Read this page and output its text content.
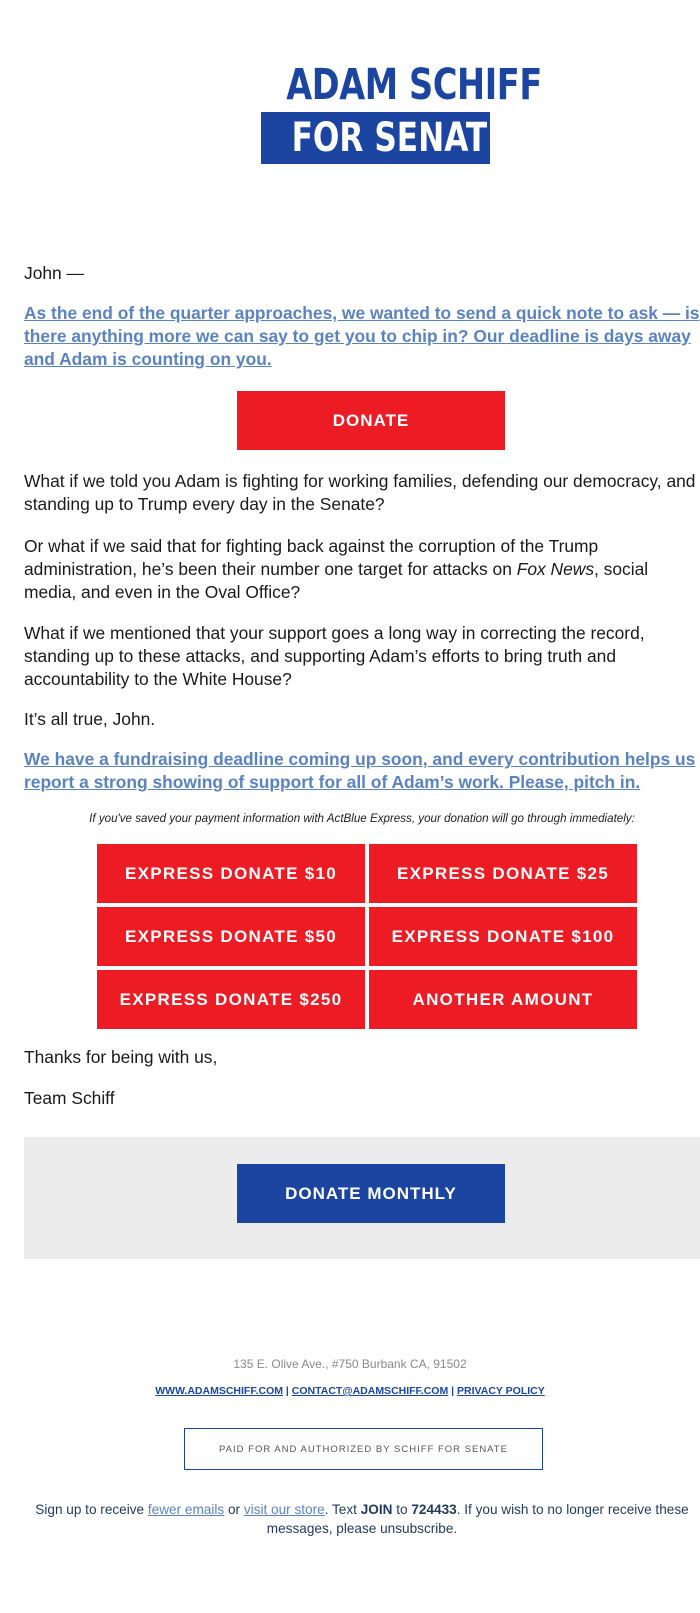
ADAM SCHIFF
FOR SENATE

John —

As the end of the quarter approaches, we wanted to send a quick note to ask — is

there anything more we can say to get you to chip in? Our deadline is days away

and Adam is counting on you.

DONATE

What if we told you Adam is fighting for working families, defending our democracy, and

standing up to Trump every day in the Senate?

Or what if we said that for fighting back against the corruption of the Trump

administration, he’s been their number one target for attacks on Fox News, social

media, and even in the Oval Office?

What if we mentioned that your support goes a long way in correcting the record,

standing up to these attacks, and supporting Adam’s efforts to bring truth and

accountability to the White House?

It’s all true, John.

We have a fundraising deadline coming up soon, and every contribution helps us

report a strong showing of support for all of Adam’s work. Please, pitch in.

If you've saved your payment information with ActBlue Express, your donation will go through immediately:
EXPRESS DONATE $10	EXPRESS DONATE $25
EXPRESS DONATE $50	EXPRESS DONATE $100
EXPRESS DONATE $250	ANOTHER AMOUNT

Thanks for being with us,

Team Schiff

DONATE MONTHLY
135 E. Olive Ave., #750 Burbank CA, 91502
WWW.ADAMSCHIFF.COM | CONTACT@ADAMSCHIFF.COM | PRIVACY POLICY
PAID FOR AND AUTHORIZED BY SCHIFF FOR SENATE
Sign up to receive fewer emails or visit our store. Text JOIN to 724433. If you wish to no longer receive these
messages, please unsubscribe.
